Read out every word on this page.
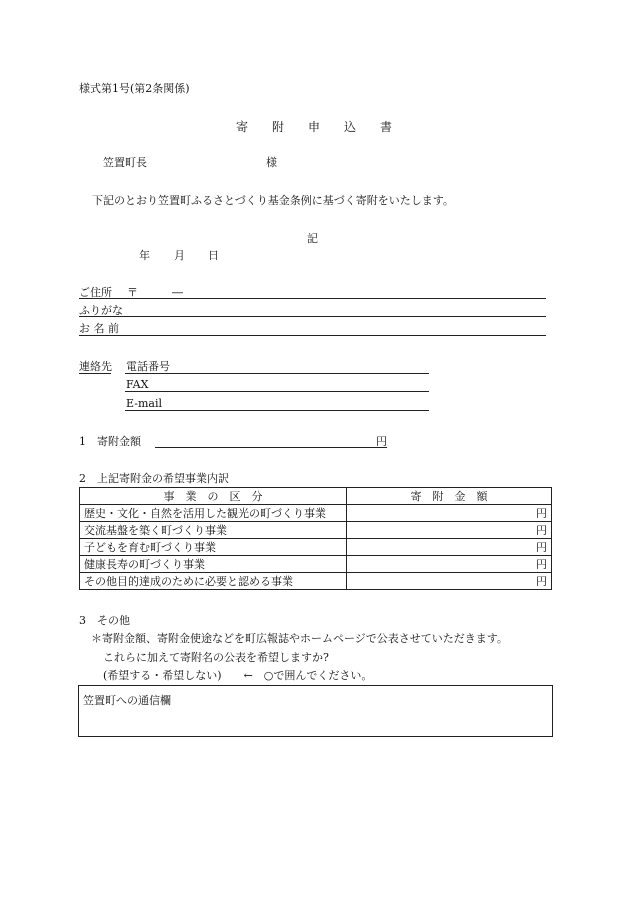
様式第1号(第2条関係)
寄　附　申　込　書
笠置町長	様
下記のとおり笠置町ふるさとづくり基金条例に基づく寄附をいたします。
記
年 月 日
ご住所 〒	―
ふりがな
お 名 前
連絡先 電話番号
FAX
E-mail
1　寄附金額	円
2　上記寄附金の希望事業内訳
事　業　の　区　分	寄　附　金　額
歴史・文化・自然を活用した観光の町づくり事業	円
交流基盤を築く町づくり事業	円
子どもを育む町づくり事業	円
健康長寿の町づくり事業	円
その他目的達成のために必要と認める事業	円
3　その他
＊寄附金額、寄附金使途などを町広報誌やホームページで公表させていただきます。
これらに加えて寄附名の公表を希望しますか?
(希望する・希望しない)　　←　○で囲んでください。
笠置町への通信欄
